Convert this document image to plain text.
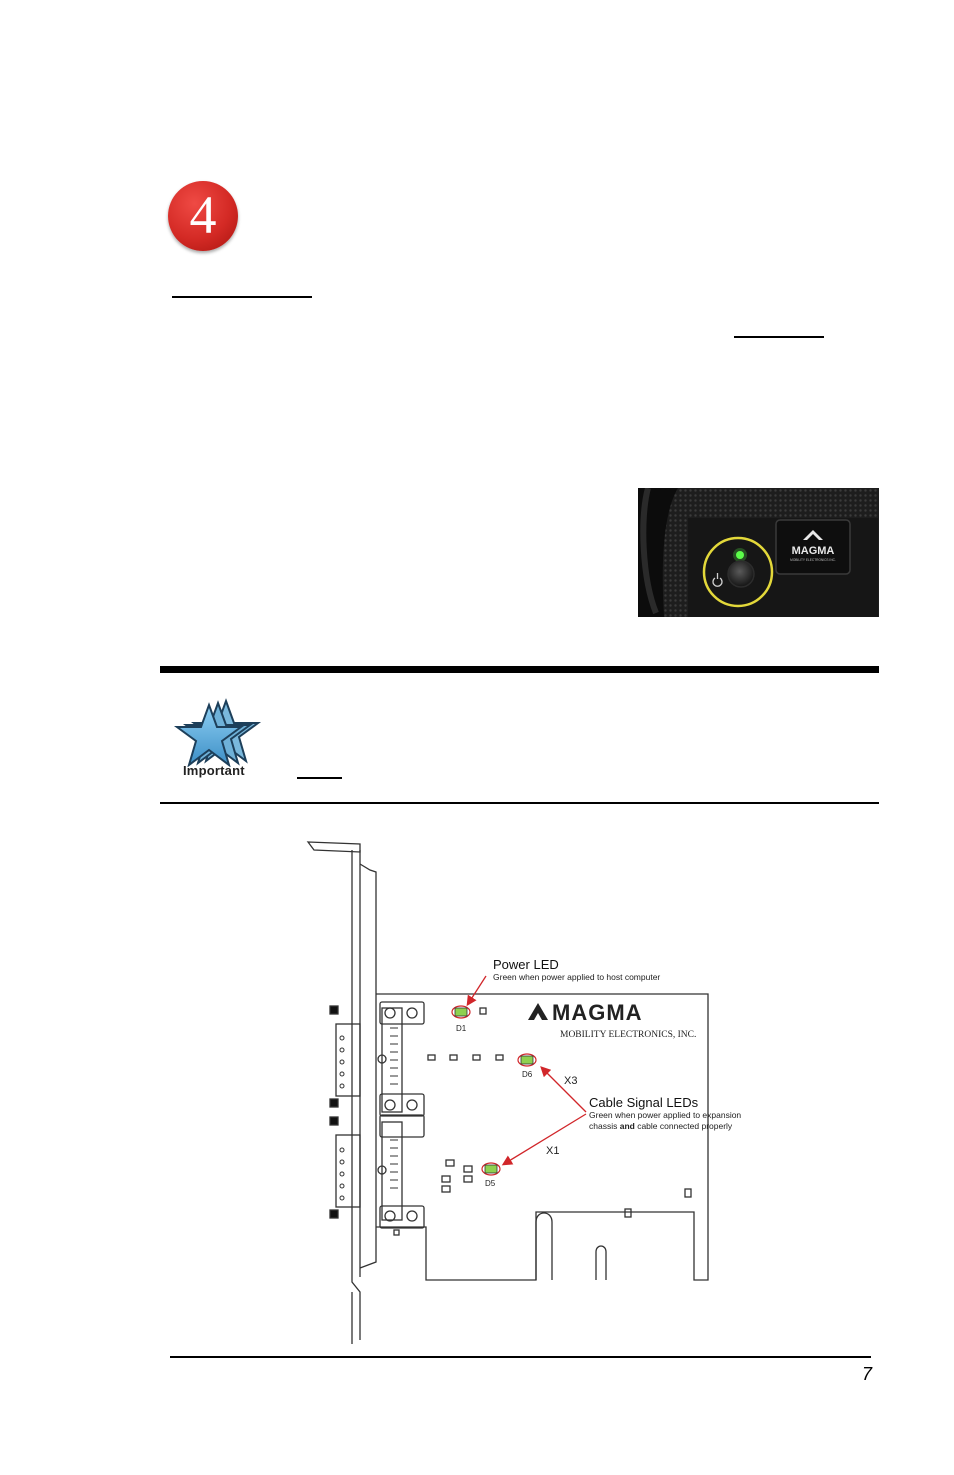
4
MAGMA
MOBILITY ELECTRONICS INC.
Important
D1
D6
D5
X3
X1
Power LED
Green when power applied to host computer
Cable Signal LEDs
Green when power applied to expansion
chassis and cable connected properly
MAGMA
MOBILITY ELECTRONICS, INC.
7
